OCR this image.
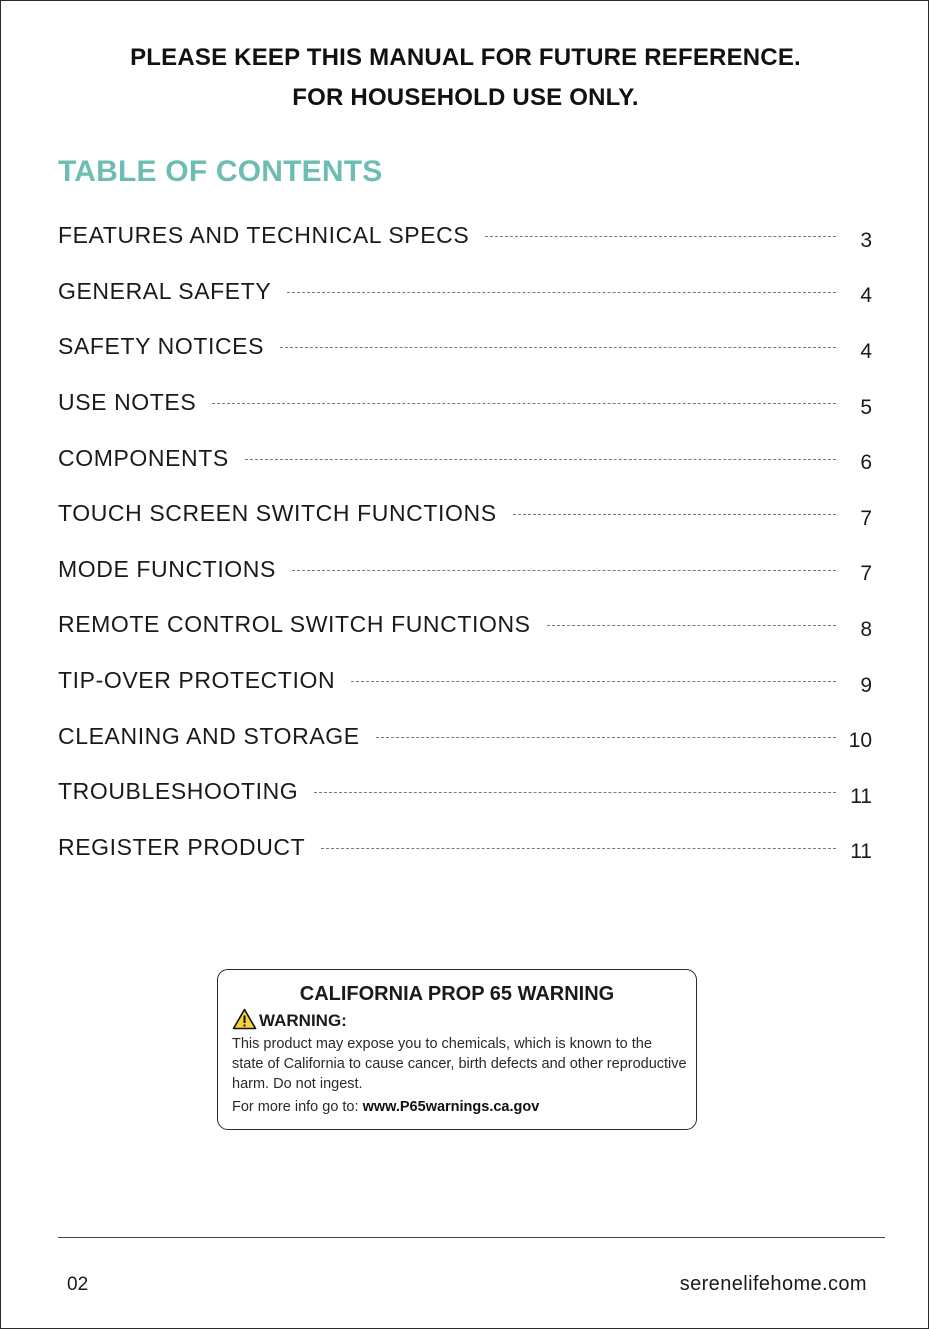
PLEASE KEEP THIS MANUAL FOR FUTURE REFERENCE.
FOR HOUSEHOLD USE ONLY.
TABLE OF CONTENTS
FEATURES AND TECHNICAL SPECS	3
GENERAL SAFETY	4
SAFETY NOTICES	4
USE NOTES	5
COMPONENTS	6
TOUCH SCREEN SWITCH FUNCTIONS	7
MODE FUNCTIONS	7
REMOTE CONTROL SWITCH FUNCTIONS	8
TIP-OVER PROTECTION	9
CLEANING AND STORAGE	10
TROUBLESHOOTING	11
REGISTER PRODUCT	11
CALIFORNIA PROP 65 WARNING
WARNING:
This product may expose you to chemicals, which is known to the state of California to cause cancer, birth defects and other reproductive harm. Do not ingest.
For more info go to: www.P65warnings.ca.gov
02	serenelifehome.com
